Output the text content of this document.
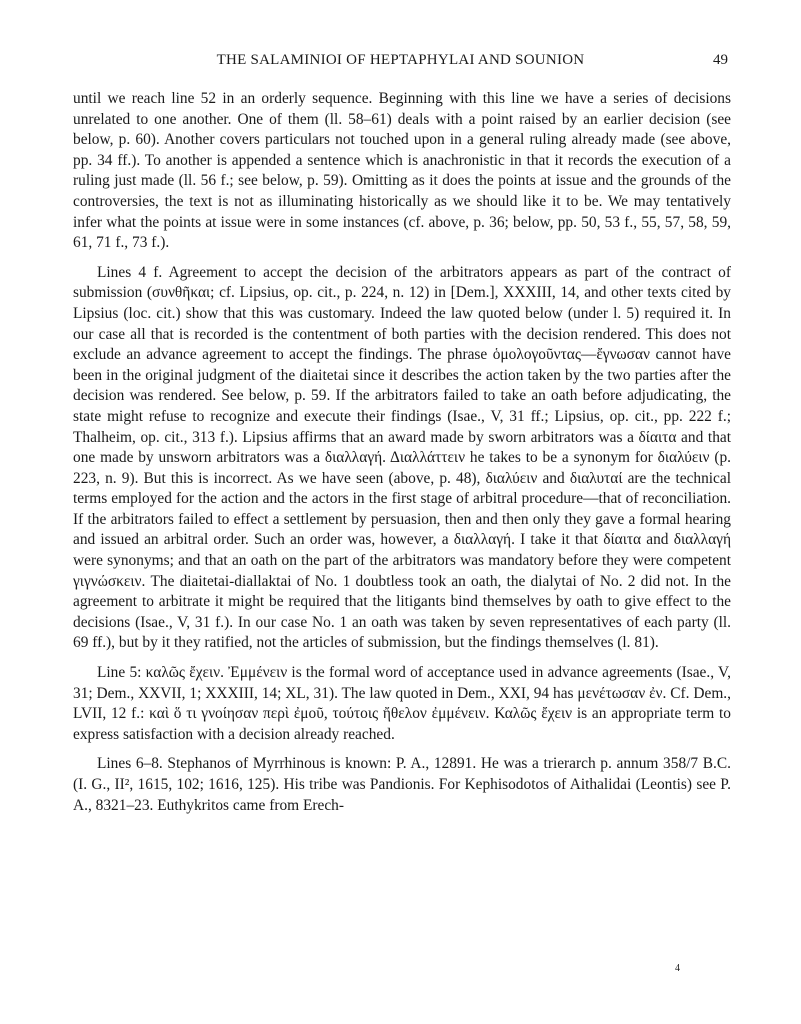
THE SALAMINIOI OF HEPTAPHYLAI AND SOUNION	49

until we reach line 52 in an orderly sequence. Beginning with this line we have a series of decisions unrelated to one another. One of them (ll. 58–61) deals with a point raised by an earlier decision (see below, p. 60). Another covers particulars not touched upon in a general ruling already made (see above, pp. 34 ff.). To another is appended a sentence which is anachronistic in that it records the execution of a ruling just made (ll. 56 f.; see below, p. 59). Omitting as it does the points at issue and the grounds of the controversies, the text is not as illuminating historically as we should like it to be. We may tentatively infer what the points at issue were in some instances (cf. above, p. 36; below, pp. 50, 53 f., 55, 57, 58, 59, 61, 71 f., 73 f.).

Lines 4 f. Agreement to accept the decision of the arbitrators appears as part of the contract of submission (συνθῆκαι; cf. Lipsius, op. cit., p. 224, n. 12) in [Dem.], XXXIII, 14, and other texts cited by Lipsius (loc. cit.) show that this was customary. Indeed the law quoted below (under l. 5) required it. In our case all that is recorded is the contentment of both parties with the decision rendered. This does not exclude an advance agreement to accept the findings. The phrase ὁμολογοῦντας—ἔγνωσαν cannot have been in the original judgment of the diaitetai since it describes the action taken by the two parties after the decision was rendered. See below, p. 59. If the arbitrators failed to take an oath before adjudicating, the state might refuse to recognize and execute their findings (Isae., V, 31 ff.; Lipsius, op. cit., pp. 222 f.; Thalheim, op. cit., 313 f.). Lipsius affirms that an award made by sworn arbitrators was a δίαιτα and that one made by unsworn arbitrators was a διαλλαγή. Διαλλάττειν he takes to be a synonym for διαλύειν (p. 223, n. 9). But this is incorrect. As we have seen (above, p. 48), διαλύειν and διαλυταί are the technical terms employed for the action and the actors in the first stage of arbitral procedure—that of reconciliation. If the arbitrators failed to effect a settlement by persuasion, then and then only they gave a formal hearing and issued an arbitral order. Such an order was, however, a διαλλαγή. I take it that δίαιτα and διαλλαγή were synonyms; and that an oath on the part of the arbitrators was mandatory before they were competent γιγνώσκειν. The diaitetai-diallaktai of No. 1 doubtless took an oath, the dialytai of No. 2 did not. In the agreement to arbitrate it might be required that the litigants bind themselves by oath to give effect to the decisions (Isae., V, 31 f.). In our case No. 1 an oath was taken by seven representatives of each party (ll. 69 ff.), but by it they ratified, not the articles of submission, but the findings themselves (l. 81).

Line 5: καλῶς ἔχειν. Ἐμμένειν is the formal word of acceptance used in advance agreements (Isae., V, 31; Dem., XXVII, 1; XXXIII, 14; XL, 31). The law quoted in Dem., XXI, 94 has μενέτωσαν ἐν. Cf. Dem., LVII, 12 f.: καὶ ὅ τι γνοίησαν περὶ ἐμοῦ, τούτοις ἤθελον ἐμμένειν. Καλῶς ἔχειν is an appropriate term to express satisfaction with a decision already reached.

Lines 6–8. Stephanos of Myrrhinous is known: P. A., 12891. He was a trierarch p. annum 358/7 B.C. (I. G., II², 1615, 102; 1616, 125). His tribe was Pandionis. For Kephisodotos of Aithalidai (Leontis) see P. A., 8321–23. Euthykritos came from Erech-

4
